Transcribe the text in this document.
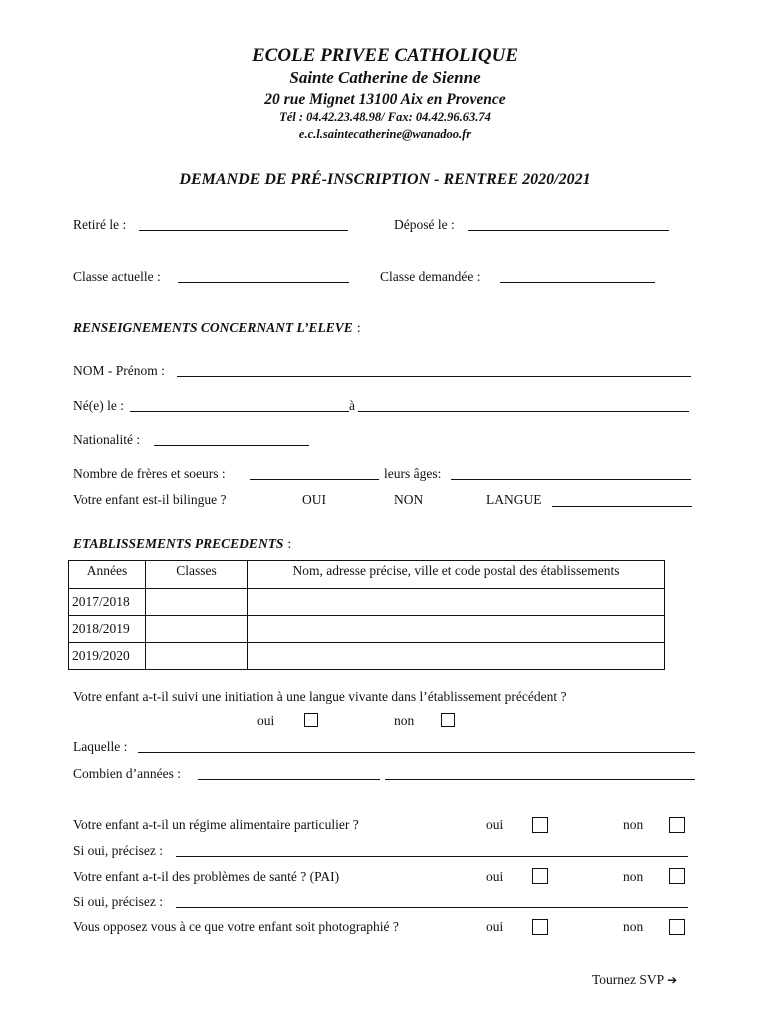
ECOLE PRIVEE CATHOLIQUE
Sainte Catherine de Sienne
20 rue Mignet 13100 Aix en Provence
Tél : 04.42.23.48.98/ Fax: 04.42.96.63.74
e.c.l.saintecatherine@wanadoo.fr
DEMANDE DE PRÉ-INSCRIPTION - RENTREE 2020/2021
Retiré le :	Déposé le :
Classe actuelle :	Classe demandée :
RENSEIGNEMENTS CONCERNANT L’ELEVE :
NOM - Prénom :
Né(e) le :	à
Nationalité :
Nombre de frères et soeurs :	leurs âges:
Votre enfant est-il bilingue ?	OUI	NON	LANGUE
ETABLISSEMENTS PRECEDENTS :
Années	Classes	Nom, adresse précise, ville et code postal des établissements
2017/2018		
2018/2019		
2019/2020		
Votre enfant a-t-il suivi une initiation à une langue vivante dans l’établissement précédent ?
oui	non
Laquelle :
Combien d’années :
Votre enfant a-t-il un régime alimentaire particulier ?	oui	non
Si oui, précisez :
Votre enfant a-t-il des problèmes de santé ? (PAI)	oui	non
Si oui, précisez :
Vous opposez vous à ce que votre enfant soit photographié ?	oui	non
Tournez SVP ➔
